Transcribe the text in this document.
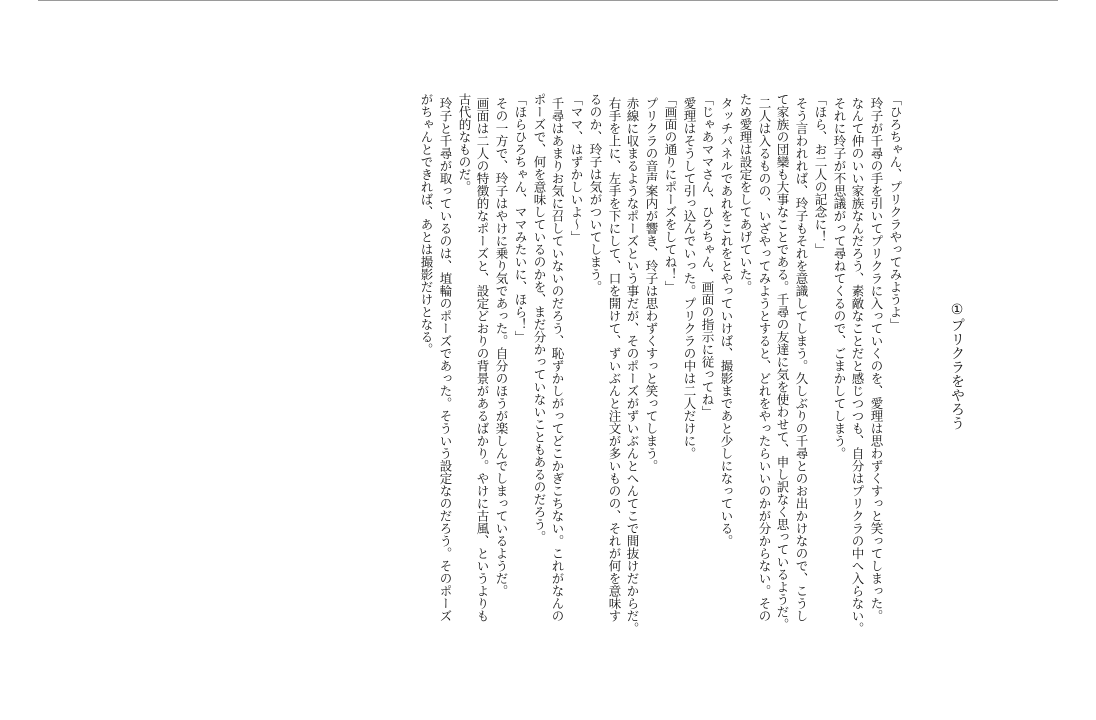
①プリクラをやろう
「ひろちゃん、プリクラやってみようよ」
玲子が千尋の手を引いてプリクラに入っていくのを、愛理は思わずくすっと笑ってしまった。
なんて仲のいい家族なんだろう、素敵なことだと感じつつも、自分はプリクラの中へ入らない。
それに玲子が不思議がって尋ねてくるので、ごまかしてしまう。
「ほら、お二人の記念に！」
そう言われれば、玲子もそれを意識してしまう。久しぶりの千尋とのお出かけなので、こうし
て家族の団欒も大事なことである。千尋の友達に気を使わせて、申し訳なく思っているようだ。
二人は入るものの、いざやってみようとすると、どれをやったらいいのかが分からない。その
ため愛理は設定をしてあげていた。
タッチパネルであれをこれをとやっていけば、撮影まであと少しになっている。
「じゃあママさん、ひろちゃん、画面の指示に従ってね」
愛理はそうして引っ込んでいった。プリクラの中は二人だけに。
「画面の通りにポーズをしてね！」
プリクラの音声案内が響き、玲子は思わずくすっと笑ってしまう。
赤線に収まるようなポーズという事だが、そのポーズがずいぶんとへんてこで間抜けだからだ。
右手を上に、左手を下にして、口を開けて、ずいぶんと注文が多いものの、それが何を意味す
るのか、玲子は気がついてしまう。
「ママ、はずかしいよ〜」
千尋はあまりお気に召していないのだろう、恥ずかしがってどこかぎこちない。これがなんの
ポーズで、何を意味しているのかを、まだ分かっていないこともあるのだろう。
「ほらひろちゃん、ママみたいに、ほら！」
その一方で、玲子はやけに乗り気であった。自分のほうが楽しんでしまっているようだ。
画面は二人の特徴的なポーズと、設定どおりの背景があるばかり。やけに古風、というよりも
古代的なものだ。
玲子と千尋が取っているのは、埴輪のポーズであった。そういう設定なのだろう。そのポーズ
がちゃんとできれば、あとは撮影だけとなる。
